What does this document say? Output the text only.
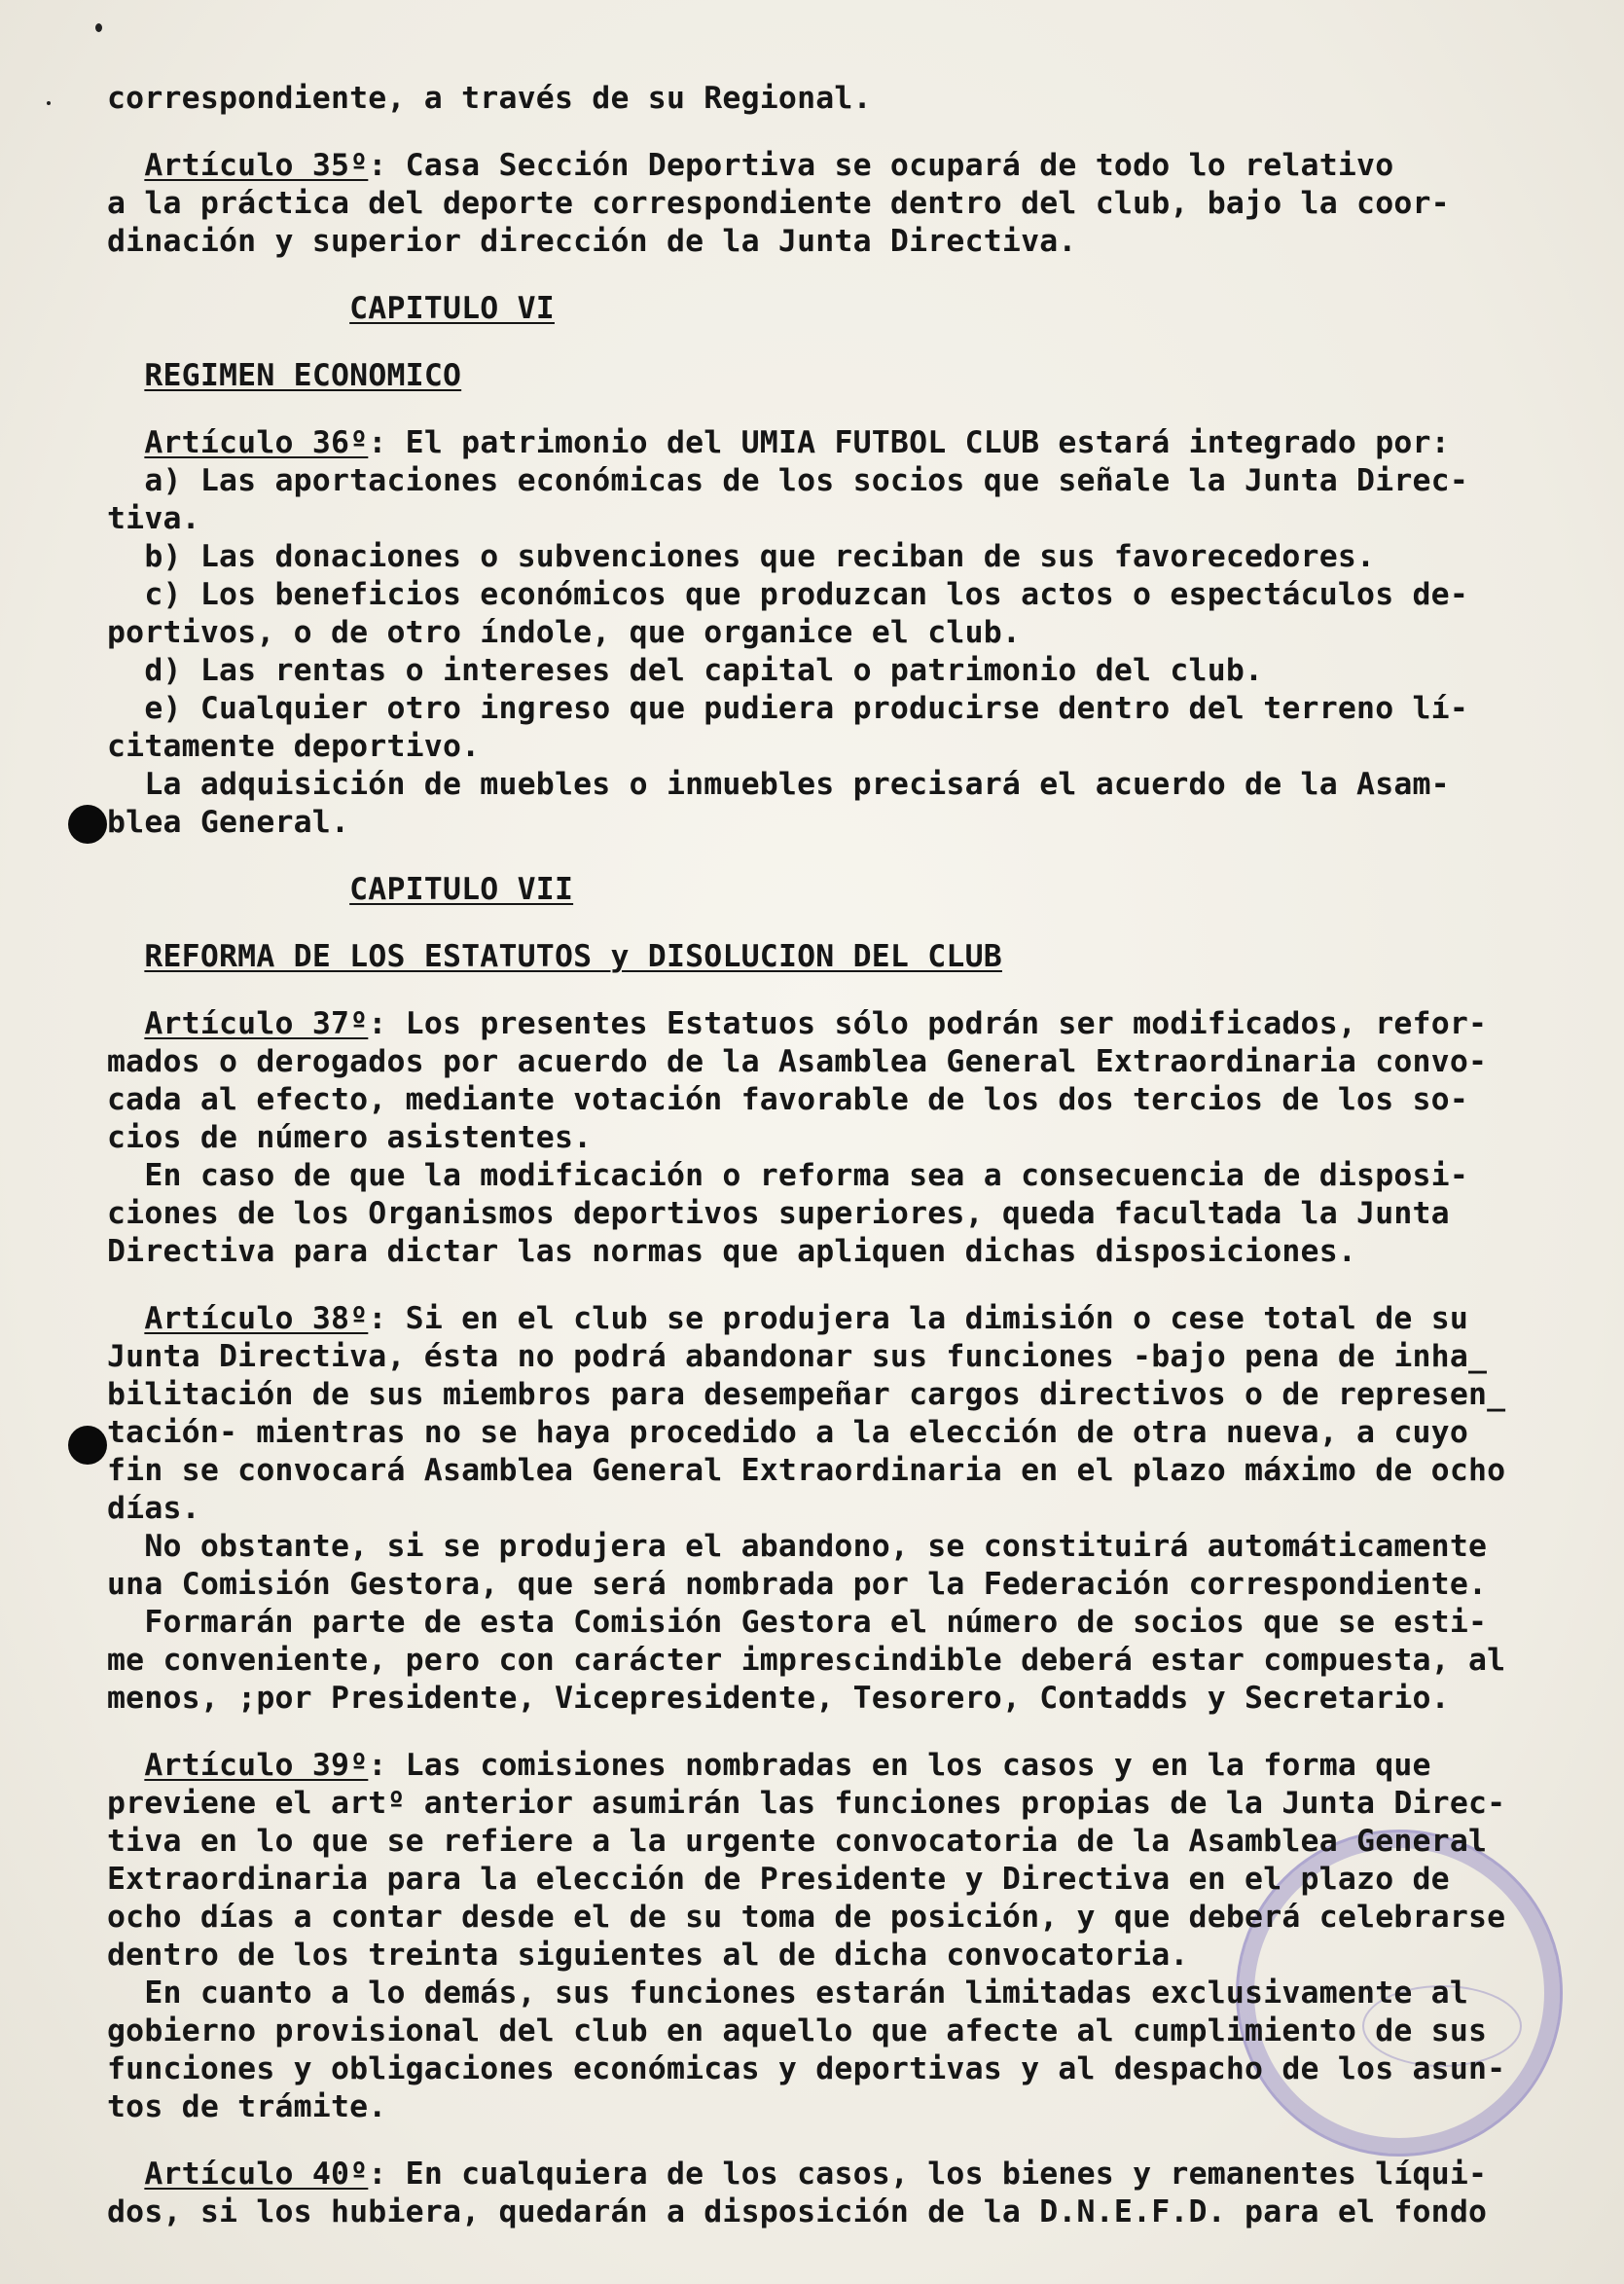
correspondiente, a través de su Regional.
Artículo 35º: Casa Sección Deportiva se ocupará de todo lo relativo
a la práctica del deporte correspondiente dentro del club, bajo la coor-
dinación y superior dirección de la Junta Directiva.
CAPITULO VI
REGIMEN ECONOMICO
Artículo 36º: El patrimonio del UMIA FUTBOL CLUB estará integrado por:
a) Las aportaciones económicas de los socios que señale la Junta Direc-
tiva.
b) Las donaciones o subvenciones que reciban de sus favorecedores.
c) Los beneficios económicos que produzcan los actos o espectáculos de-
portivos, o de otro índole, que organice el club.
d) Las rentas o intereses del capital o patrimonio del club.
e) Cualquier otro ingreso que pudiera producirse dentro del terreno lí-
citamente deportivo.
La adquisición de muebles o inmuebles precisará el acuerdo de la Asam-
blea General.
CAPITULO VII
REFORMA DE LOS ESTATUTOS y DISOLUCION DEL CLUB
Artículo 37º: Los presentes Estatuos sólo podrán ser modificados, refor-
mados o derogados por acuerdo de la Asamblea General Extraordinaria convo-
cada al efecto, mediante votación favorable de los dos tercios de los so-
cios de número asistentes.
En caso de que la modificación o reforma sea a consecuencia de disposi-
ciones de los Organismos deportivos superiores, queda facultada la Junta
Directiva para dictar las normas que apliquen dichas disposiciones.
Artículo 38º: Si en el club se produjera la dimisión o cese total de su
Junta Directiva, ésta no podrá abandonar sus funciones -bajo pena de inha_
bilitación de sus miembros para desempeñar cargos directivos o de represen_
tación- mientras no se haya procedido a la elección de otra nueva, a cuyo
fin se convocará Asamblea General Extraordinaria en el plazo máximo de ocho
días.
No obstante, si se produjera el abandono, se constituirá automáticamente
una Comisión Gestora, que será nombrada por la Federación correspondiente.
Formarán parte de esta Comisión Gestora el número de socios que se esti-
me conveniente, pero con carácter imprescindible deberá estar compuesta, al
menos, ;por Presidente, Vicepresidente, Tesorero, Contadds y Secretario.
Artículo 39º: Las comisiones nombradas en los casos y en la forma que
previene el artº anterior asumirán las funciones propias de la Junta Direc-
tiva en lo que se refiere a la urgente convocatoria de la Asamblea General
Extraordinaria para la elección de Presidente y Directiva en el plazo de
ocho días a contar desde el de su toma de posición, y que deberá celebrarse
dentro de los treinta siguientes al de dicha convocatoria.
En cuanto a lo demás, sus funciones estarán limitadas exclusivamente al
gobierno provisional del club en aquello que afecte al cumplimiento de sus
funciones y obligaciones económicas y deportivas y al despacho de los asun-
tos de trámite.
Artículo 40º: En cualquiera de los casos, los bienes y remanentes líqui-
dos, si los hubiera, quedarán a disposición de la D.N.E.F.D. para el fondo
